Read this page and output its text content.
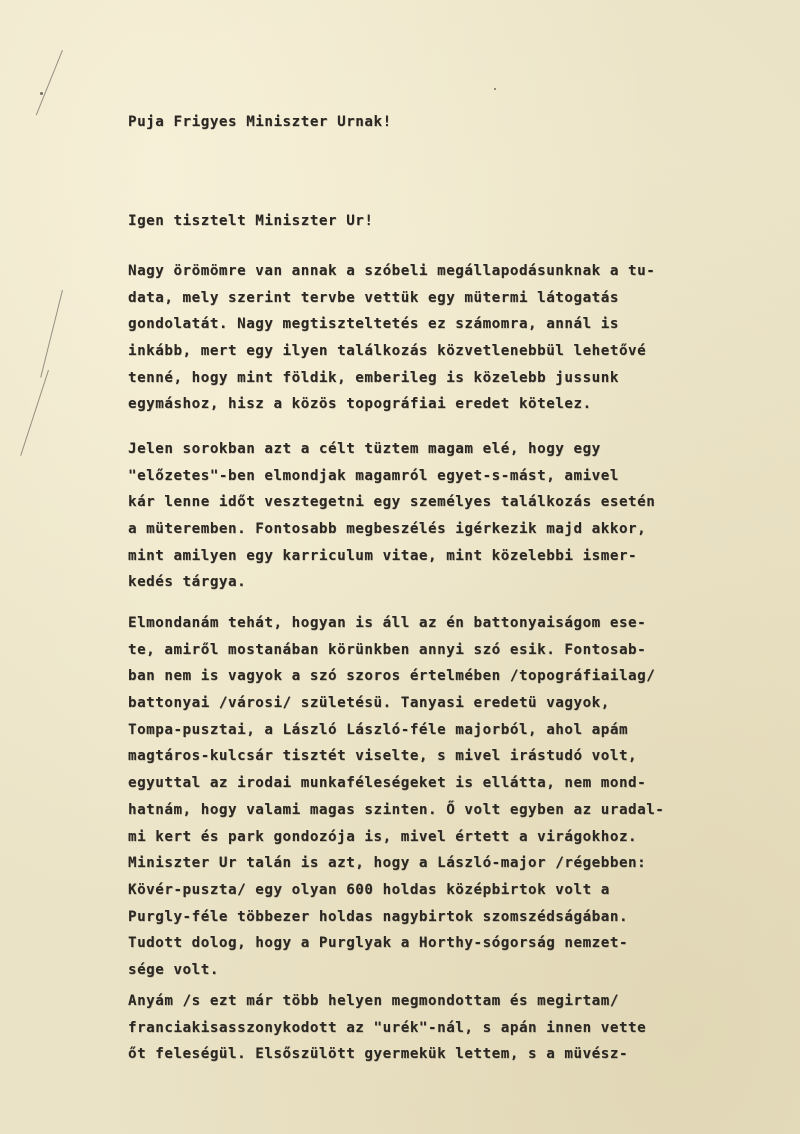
Puja Frigyes Miniszter Urnak!
Igen tisztelt Miniszter Ur!
Nagy örömömre van annak a szóbeli megállapodásunknak a tu-
data, mely szerint tervbe vettük egy mütermi látogatás
gondolatát. Nagy megtiszteltetés ez számomra, annál is
inkább, mert egy ilyen találkozás közvetlenebbül lehetővé
tenné, hogy mint földik, emberileg is közelebb jussunk
egymáshoz, hisz a közös topográfiai eredet kötelez.
Jelen sorokban azt a célt tüztem magam elé, hogy egy
"előzetes"-ben elmondjak magamról egyet-s-mást, amivel
kár lenne időt vesztegetni egy személyes találkozás esetén
a müteremben. Fontosabb megbeszélés igérkezik majd akkor,
mint amilyen egy karriculum vitae, mint közelebbi ismer-
kedés tárgya.
Elmondanám tehát, hogyan is áll az én battonyaiságom ese-
te, amiről mostanában körünkben annyi szó esik. Fontosab-
ban nem is vagyok a szó szoros értelmében /topográfiailag/
battonyai /városi/ születésü. Tanyasi eredetü vagyok,
Tompa-pusztai, a László László-féle majorból, ahol apám
magtáros-kulcsár tisztét viselte, s mivel irástudó volt,
egyuttal az irodai munkaféleségeket is ellátta, nem mond-
hatnám, hogy valami magas szinten. Ő volt egyben az uradal-
mi kert és park gondozója is, mivel értett a virágokhoz.
Miniszter Ur talán is azt, hogy a László-major /régebben:
Kövér-puszta/ egy olyan 600 holdas középbirtok volt a
Purgly-féle többezer holdas nagybirtok szomszédságában.
Tudott dolog, hogy a Purglyak a Horthy-sógorság nemzet-
sége volt.
Anyám /s ezt már több helyen megmondottam és megirtam/
franciakisasszonykodott az "urék"-nál, s apán innen vette
őt feleségül. Elsőszülött gyermekük lettem, s a müvész-
